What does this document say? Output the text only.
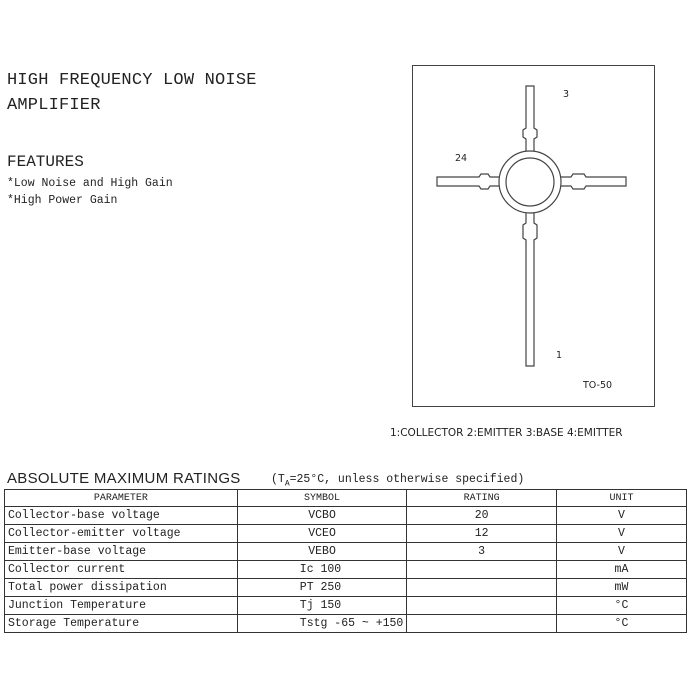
HIGH FREQUENCY LOW NOISE
AMPLIFIER
FEATURES
*Low Noise and High Gain
*High Power Gain
3
24
1
TO-50
1:COLLECTOR 2:EMITTER 3:BASE 4:EMITTER
ABSOLUTE MAXIMUM RATINGS	($T_A=25^\circ C$, unless otherwise specified)
PARAMETER	SYMBOL	RATING	UNIT
Collector-base voltage	VCBO	20	V
Collector-emitter voltage	VCEO	12	V
Emitter-base voltage	VEBO	3	V
Collector current	Ic 100		mA
Total power dissipation	PT 250		mW
Junction Temperature	Tj 150		°C
Storage Temperature	Tstg -65 ~ +150		°C
